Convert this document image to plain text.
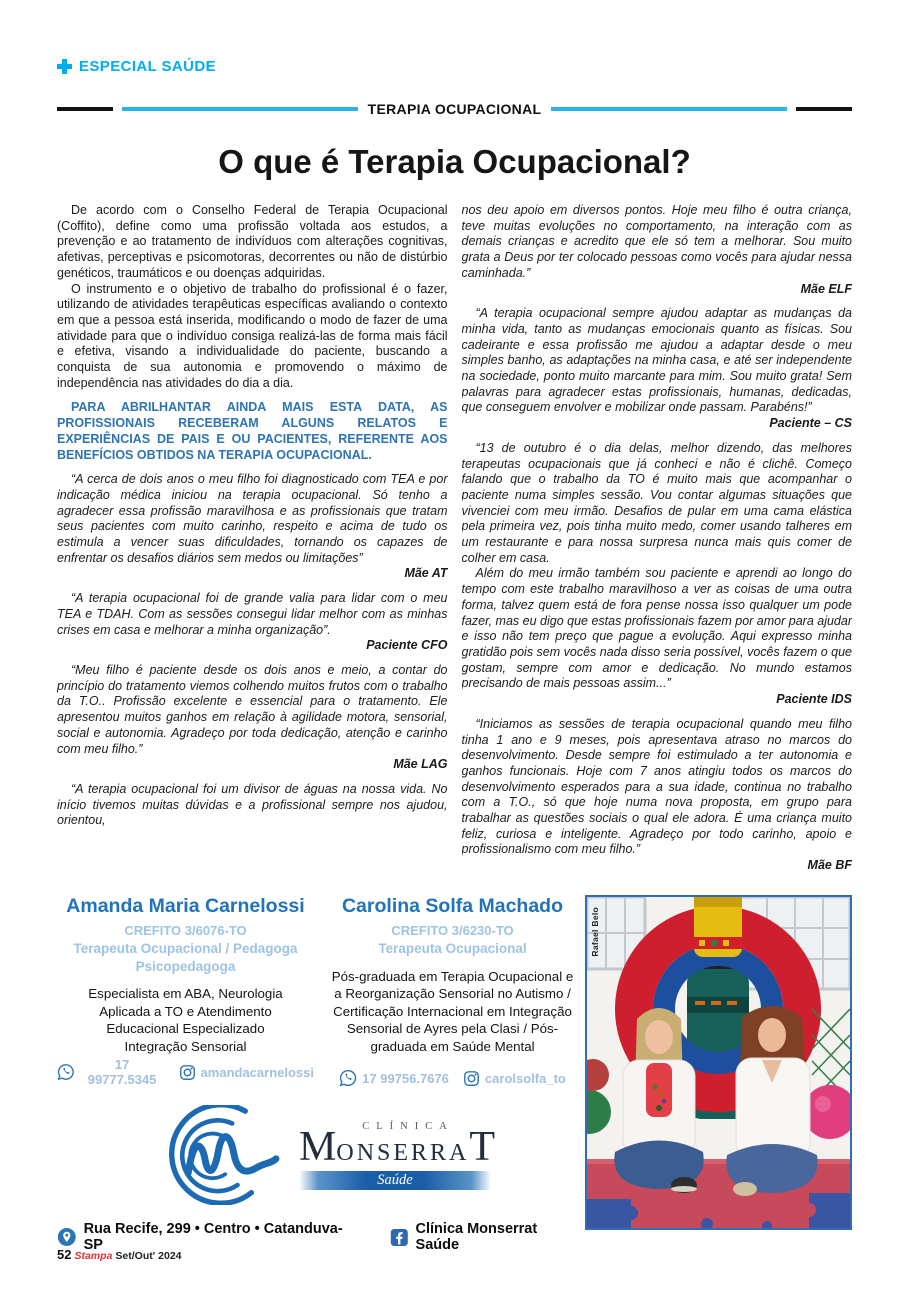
ESPECIAL SAÚDE
TERAPIA OCUPACIONAL
O que é Terapia Ocupacional?

De acordo com o Conselho Federal de Terapia Ocupacional (Coffito), define como uma profissão voltada aos estudos, a prevenção e ao tratamento de indivíduos com alterações cognitivas, afetivas, perceptivas e psicomotoras, decorrentes ou não de distúrbio genéticos, traumáticos e ou doenças adquiridas.

O instrumento e o objetivo de trabalho do profissional é o fazer, utilizando de atividades terapêuticas específicas avaliando o contexto em que a pessoa está inserida, modificando o modo de fazer de uma atividade para que o indivíduo consiga realizá-las de forma mais fácil e efetiva, visando a individualidade do paciente, buscando a conquista de sua autonomia e promovendo o máximo de independência nas atividades do dia a dia.

PARA ABRILHANTAR AINDA MAIS ESTA DATA, AS PROFISSIONAIS RECEBERAM ALGUNS RELATOS E EXPERIÊNCIAS DE PAIS E OU PACIENTES, REFERENTE AOS BENEFÍCIOS OBTIDOS NA TERAPIA OCUPACIONAL.

“A cerca de dois anos o meu filho foi diagnosticado com TEA e por indicação médica iniciou na terapia ocupacional. Só tenho a agradecer essa profissão maravilhosa e as profissionais que tratam seus pacientes com muito carinho, respeito e acima de tudo os estimula a vencer suas dificuldades, tornando os capazes de enfrentar os desafios diários sem medos ou limitações”

Mãe AT

“A terapia ocupacional foi de grande valia para lidar com o meu TEA e TDAH. Com as sessões consegui lidar melhor com as minhas crises em casa e melhorar a minha organização”.

Paciente CFO

“Meu filho é paciente desde os dois anos e meio, a contar do princípio do tratamento viemos colhendo muitos frutos com o trabalho da T.O.. Profissão excelente e essencial para o tratamento. Ele apresentou muitos ganhos em relação à agilidade motora, sensorial, social e autonomia. Agradeço por toda dedicação, atenção e carinho com meu filho.”

Mãe LAG

“A terapia ocupacional foi um divisor de águas na nossa vida. No início tivemos muitas dúvidas e a profissional sempre nos ajudou, orientou,

nos deu apoio em diversos pontos. Hoje meu filho é outra criança, teve muitas evoluções no comportamento, na interação com as demais crianças e acredito que ele só tem a melhorar. Sou muito grata a Deus por ter colocado pessoas como vocês para ajudar nessa caminhada.”

Mãe ELF

“A terapia ocupacional sempre ajudou adaptar as mudanças da minha vida, tanto as mudanças emocionais quanto as físicas. Sou cadeirante e essa profissão me ajudou a adaptar desde o meu simples banho, as adaptações na minha casa, e até ser independente na sociedade, ponto muito marcante para mim. Sou muito grata! Sem palavras para agradecer estas profissionais, humanas, dedicadas, que conseguem envolver e mobilizar onde passam. Parabéns!”

Paciente – CS

“13 de outubro é o dia delas, melhor dizendo, das melhores terapeutas ocupacionais que já conheci e não é clichê. Começo falando que o trabalho da TO é muito mais que acompanhar o paciente numa simples sessão. Vou contar algumas situações que vivenciei com meu irmão. Desafios de pular em uma cama elástica pela primeira vez, pois tinha muito medo, comer usando talheres em um restaurante e para nossa surpresa nunca mais quis comer de colher em casa.

Além do meu irmão também sou paciente e aprendi ao longo do tempo com este trabalho maravilhoso a ver as coisas de uma outra forma, talvez quem está de fora pense nossa isso qualquer um pode fazer, mas eu digo que estas profissionais fazem por amor para ajudar e isso não tem preço que pague a evolução. Aqui expresso minha gratidão pois sem vocês nada disso seria possível, vocês fazem o que gostam, sempre com amor e dedicação. No mundo estamos precisando de mais pessoas assim...”

Paciente IDS

“Iniciamos as sessões de terapia ocupacional quando meu filho tinha 1 ano e 9 meses, pois apresentava atraso no marcos do desenvolvimento. Desde sempre foi estimulado a ter autonomia e ganhos funcionais. Hoje com 7 anos atingiu todos os marcos do desenvolvimento esperados para a sua idade, continua no trabalho com a T.O., só que hoje numa nova proposta, em grupo para trabalhar as questões sociais o qual ele adora. É uma criança muito feliz, curiosa e inteligente. Agradeço por todo carinho, apoio e profissionalismo com meu filho.”

Mãe BF

Amanda Maria Carnelossi
CREFITO 3/6076-TO
Terapeuta Ocupacional / Pedagoga Psicopedagoga
Especialista em ABA, Neurologia Aplicada a TO e Atendimento Educacional Especializado Integração Sensorial
17 99777.5345	amandacarnelossi
Carolina Solfa Machado
CREFITO 3/6230-TO
Terapeuta Ocupacional
Pós-graduada em Terapia Ocupacional e a Reorganização Sensorial no Autismo / Certificação Internacional em Integração Sensorial de Ayres pela Clasi / Pós-graduada em Saúde Mental
17 99756.7676	carolsolfa_to
CLÍNICA
MONSERRAT
Saúde
Rua Recife, 299 • Centro • Catanduva-SP
Clínica Monserrat Saúde
Rafael Belo
52 Stampa Set/Out' 2024
